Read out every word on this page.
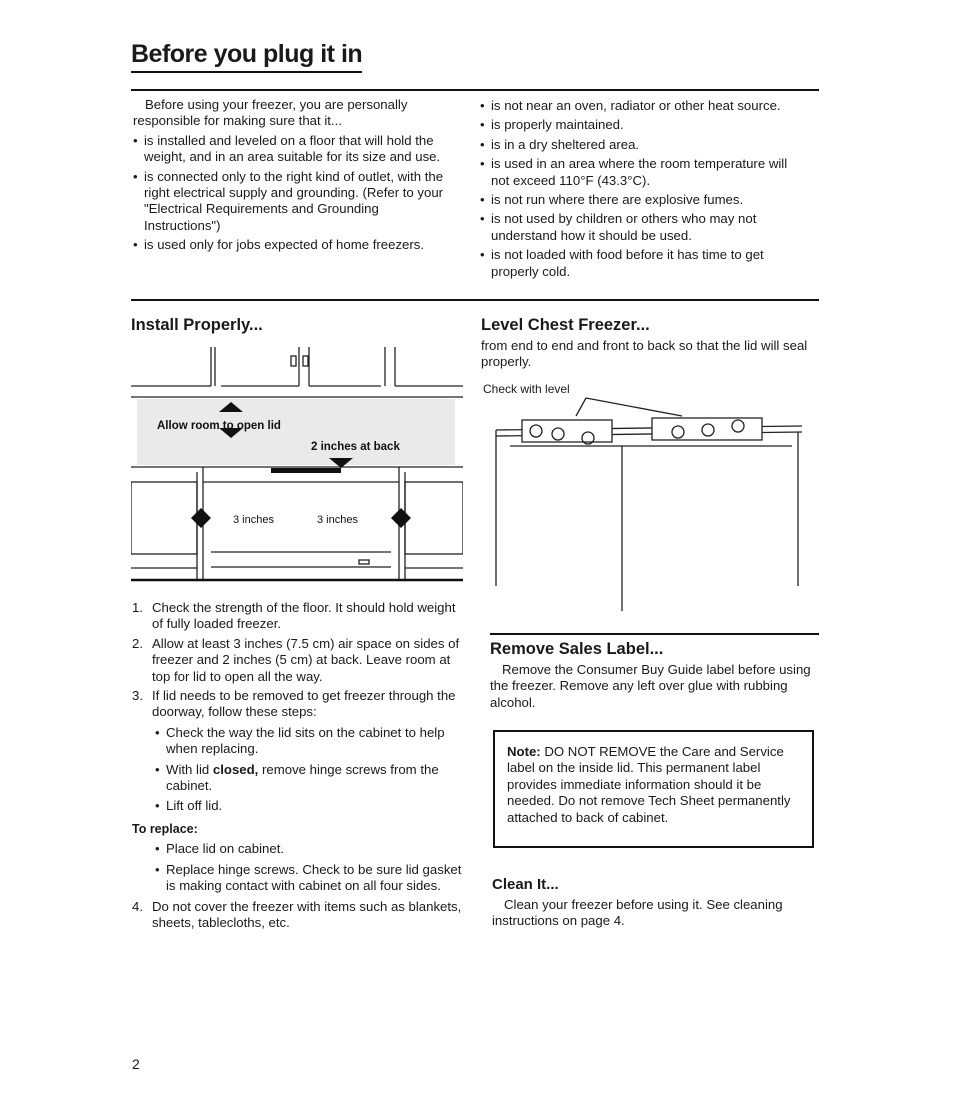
Before you plug it in
Before using your freezer, you are personally responsible for making sure that it...
• is installed and leveled on a floor that will hold the weight, and in an area suitable for its size and use.
• is connected only to the right kind of outlet, with the right electrical supply and grounding. (Refer to your "Electrical Requirements and Grounding Instructions")
• is used only for jobs expected of home freezers.
• is not near an oven, radiator or other heat source.
• is properly maintained.
• is in a dry sheltered area.
• is used in an area where the room temperature will not exceed 110°F (43.3°C).
• is not run where there are explosive fumes.
• is not used by children or others who may not understand how it should be used.
• is not loaded with food before it has time to get properly cold.
Install Properly...
Allow room to open lid
2 inches at back
3 inches	3 inches
1. Check the strength of the floor. It should hold weight of fully loaded freezer.
2. Allow at least 3 inches (7.5 cm) air space on sides of freezer and 2 inches (5 cm) at back. Leave room at top for lid to open all the way.
3. If lid needs to be removed to get freezer through the doorway, follow these steps:
• Check the way the lid sits on the cabinet to help when replacing.
• With lid closed, remove hinge screws from the cabinet.
• Lift off lid.
To replace:
• Place lid on cabinet.
• Replace hinge screws. Check to be sure lid gasket is making contact with cabinet on all four sides.
4. Do not cover the freezer with items such as blankets, sheets, tablecloths, etc.
Level Chest Freezer...
from end to end and front to back so that the lid will seal properly.
Check with level
Remove Sales Label...
Remove the Consumer Buy Guide label before using the freezer. Remove any left over glue with rubbing alcohol.
Note: DO NOT REMOVE the Care and Service label on the inside lid. This permanent label provides immediate information should it be needed. Do not remove Tech Sheet permanently attached to back of cabinet.
Clean It...
Clean your freezer before using it. See cleaning instructions on page 4.
2
